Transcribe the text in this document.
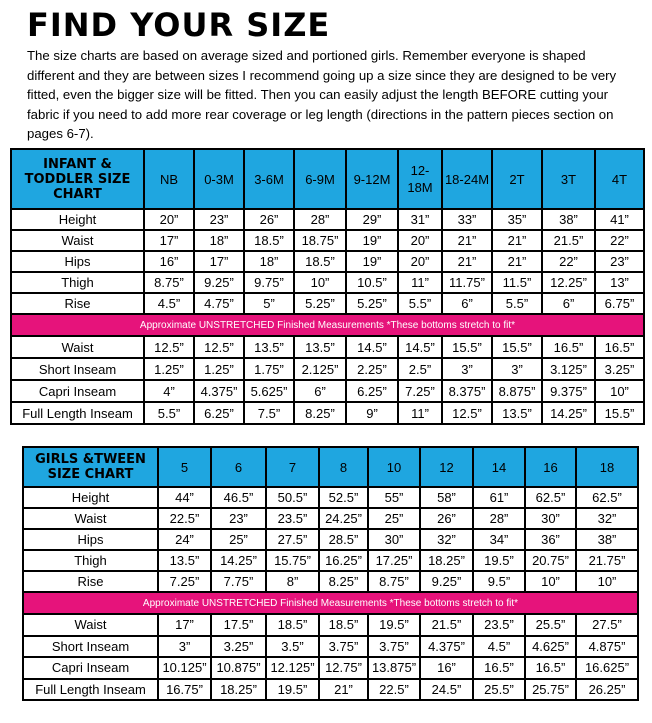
FIND YOUR SIZE
The size charts are based on average sized and portioned girls. Remember everyone is shaped different and they are between sizes I recommend going up a size since they are designed to be very fitted, even the bigger size will be fitted. Then you can easily adjust the length BEFORE cutting your fabric if you need to add more rear coverage or leg length (directions in the pattern pieces section on pages 6-7).
INFANT & TODDLER SIZE CHART	NB	0-3M	3-6M	6-9M	9-12M	12-18M	18-24M	2T	3T	4T
Height	20”	23”	26”	28”	29”	31”	33”	35”	38”	41”
Waist	17”	18”	18.5”	18.75”	19”	20”	21”	21”	21.5”	22”
Hips	16”	17”	18”	18.5”	19”	20”	21”	21”	22”	23”
Thigh	8.75”	9.25”	9.75”	10”	10.5”	11”	11.75”	11.5”	12.25”	13”
Rise	4.5”	4.75”	5”	5.25”	5.25”	5.5”	6”	5.5”	6”	6.75”
Approximate UNSTRETCHED Finished Measurements *These bottoms stretch to fit*										
Waist	12.5”	12.5”	13.5”	13.5”	14.5”	14.5”	15.5”	15.5”	16.5”	16.5”
Short Inseam	1.25”	1.25”	1.75”	2.125”	2.25”	2.5”	3”	3”	3.125”	3.25”
Capri Inseam	4”	4.375”	5.625”	6”	6.25”	7.25”	8.375”	8.875”	9.375”	10”
Full Length Inseam	5.5”	6.25”	7.5”	8.25”	9”	11”	12.5”	13.5”	14.25”	15.5”
GIRLS &TWEEN SIZE CHART	5	6	7	8	10	12	14	16	18
Height	44”	46.5”	50.5”	52.5”	55”	58”	61”	62.5”	62.5”
Waist	22.5”	23”	23.5”	24.25”	25”	26”	28”	30”	32”
Hips	24”	25”	27.5”	28.5”	30”	32”	34”	36”	38”
Thigh	13.5”	14.25”	15.75”	16.25”	17.25”	18.25”	19.5”	20.75”	21.75”
Rise	7.25”	7.75”	8”	8.25”	8.75”	9.25”	9.5”	10”	10”
Approximate UNSTRETCHED Finished Measurements *These bottoms stretch to fit*									
Waist	17”	17.5”	18.5”	18.5”	19.5”	21.5”	23.5”	25.5”	27.5”
Short Inseam	3”	3.25”	3.5”	3.75”	3.75”	4.375”	4.5”	4.625”	4.875”
Capri Inseam	10.125”	10.875”	12.125”	12.75”	13.875”	16”	16.5”	16.5”	16.625”
Full Length Inseam	16.75”	18.25”	19.5”	21”	22.5”	24.5”	25.5”	25.75”	26.25”
